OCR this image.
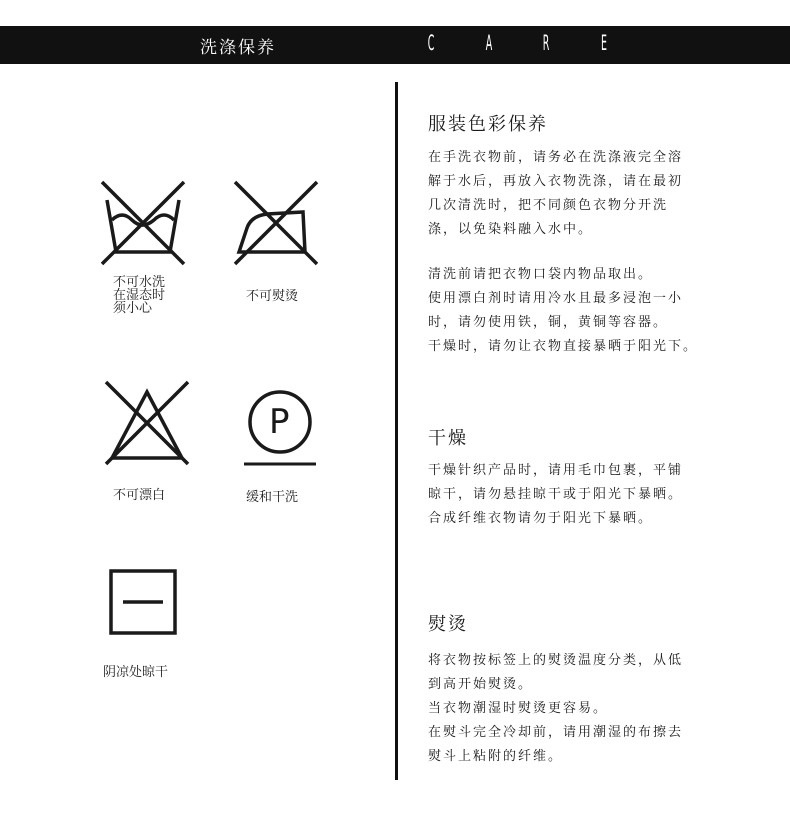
洗涤保养	C A R E
不可水洗
在湿态时
须小心
不可熨烫
不可漂白
P
缓和干洗
阴凉处晾干
服装色彩保养
在手洗衣物前，请务必在洗涤液完全溶
解于水后，再放入衣物洗涤，请在最初
几次清洗时，把不同颜色衣物分开洗
涤，以免染料融入水中。
清洗前请把衣物口袋内物品取出。
使用漂白剂时请用冷水且最多浸泡一小
时，请勿使用铁，铜，黄铜等容器。
干燥时，请勿让衣物直接暴晒于阳光下。
干燥
干燥针织产品时，请用毛巾包裹，平铺
晾干，请勿悬挂晾干或于阳光下暴晒。
合成纤维衣物请勿于阳光下暴晒。
熨烫
将衣物按标签上的熨烫温度分类，从低
到高开始熨烫。
当衣物潮湿时熨烫更容易。
在熨斗完全冷却前，请用潮湿的布擦去
熨斗上粘附的纤维。
